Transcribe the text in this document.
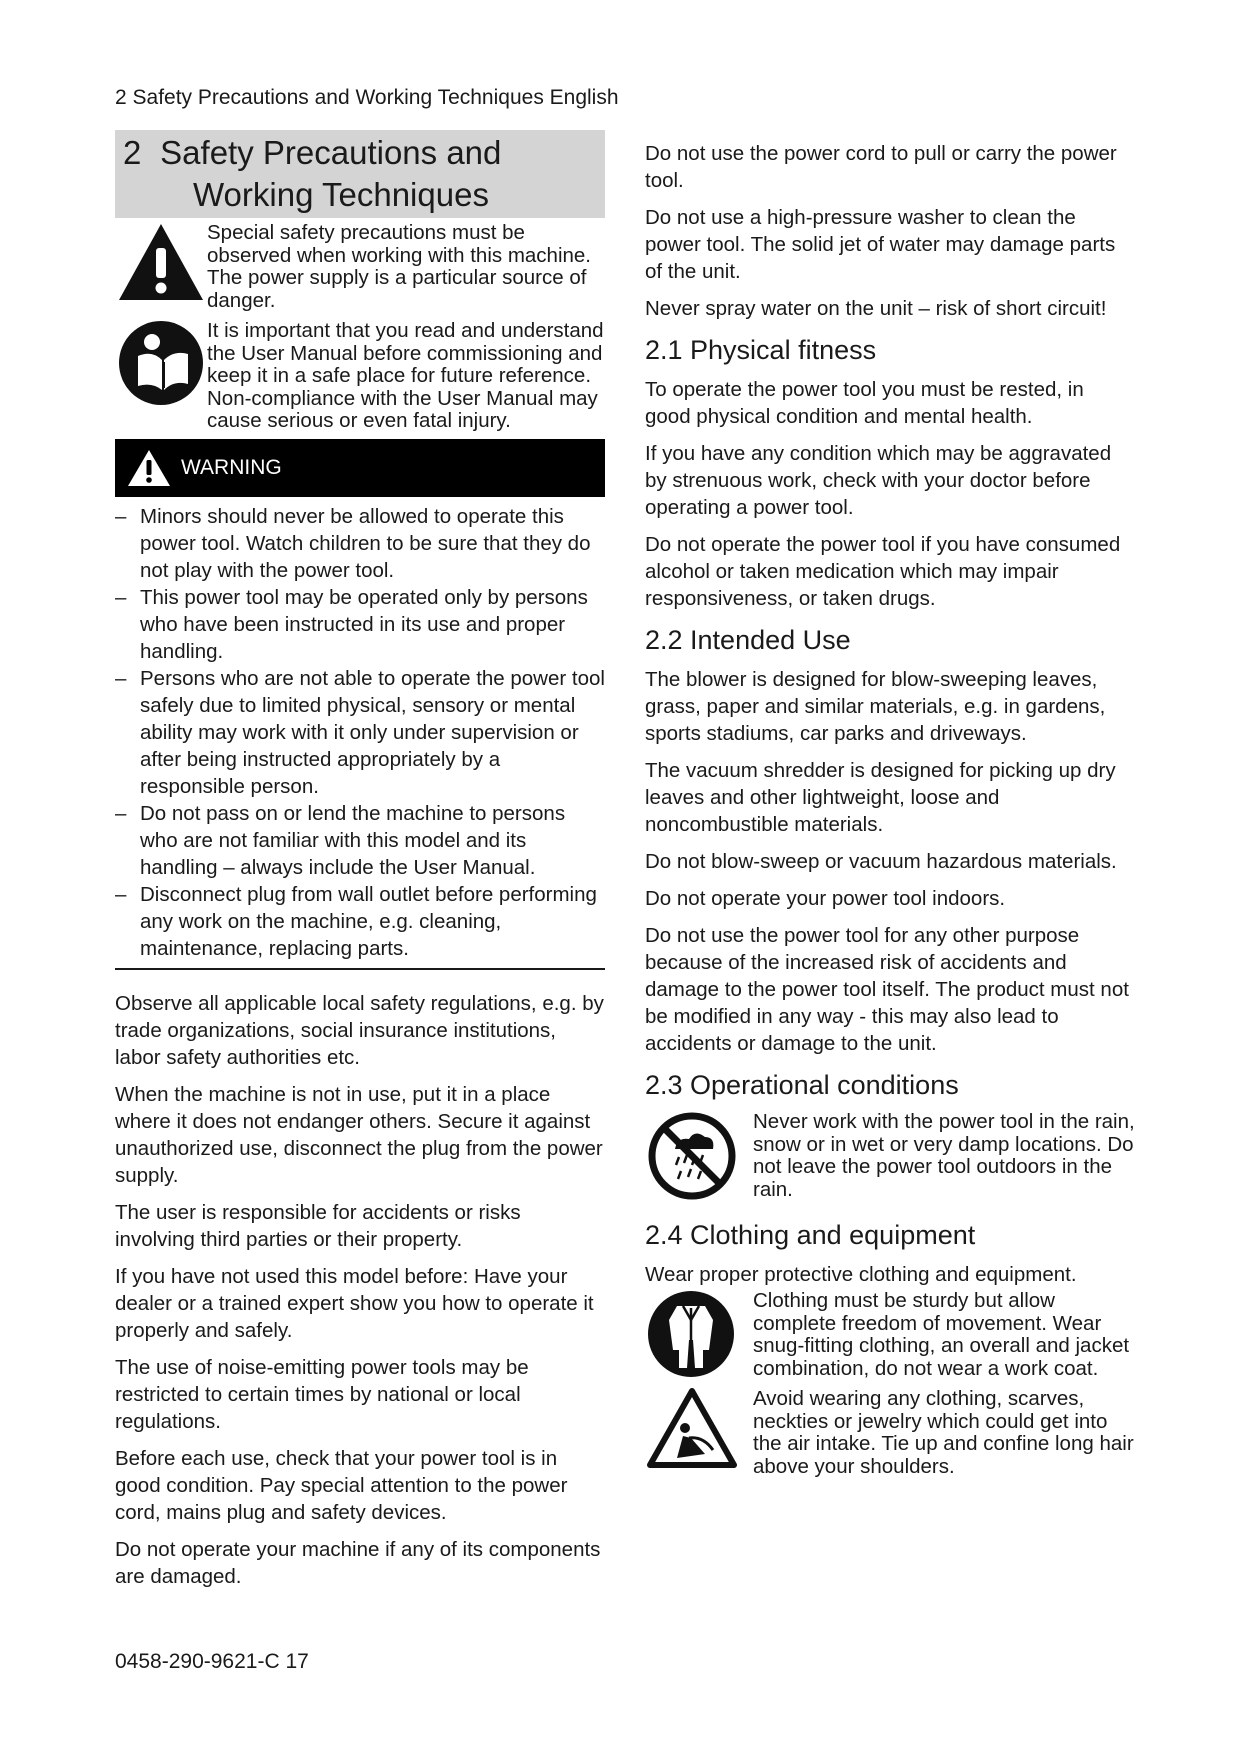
2 Safety Precautions and Working Techniques English
2 Safety Precautions and
Working Techniques
Special safety precautions must be observed when working with this machine. The power supply is a particular source of danger.
It is important that you read and understand the User Manual before commissioning and keep it in a safe place for future reference. Non-compliance with the User Manual may cause serious or even fatal injury.
WARNING
– Minors should never be allowed to operate this power tool. Watch children to be sure that they do not play with the power tool.
– This power tool may be operated only by persons who have been instructed in its use and proper handling.
– Persons who are not able to operate the power tool safely due to limited physical, sensory or mental ability may work with it only under supervision or after being instructed appropriately by a responsible person.
– Do not pass on or lend the machine to persons who are not familiar with this model and its handling – always include the User Manual.
– Disconnect plug from wall outlet before performing any work on the machine, e.g. cleaning, maintenance, replacing parts.

Observe all applicable local safety regulations, e.g. by trade organizations, social insurance institutions, labor safety authorities etc.

When the machine is not in use, put it in a place where it does not endanger others. Secure it against unauthorized use, disconnect the plug from the power supply.

The user is responsible for accidents or risks involving third parties or their property.

If you have not used this model before: Have your dealer or a trained expert show you how to operate it properly and safely.

The use of noise-emitting power tools may be restricted to certain times by national or local regulations.

Before each use, check that your power tool is in good condition. Pay special attention to the power cord, mains plug and safety devices.

Do not operate your machine if any of its components are damaged.

Do not use the power cord to pull or carry the power tool.

Do not use a high-pressure washer to clean the power tool. The solid jet of water may damage parts of the unit.

Never spray water on the unit – risk of short circuit!

2.1 Physical fitness

To operate the power tool you must be rested, in good physical condition and mental health.

If you have any condition which may be aggravated by strenuous work, check with your doctor before operating a power tool.

Do not operate the power tool if you have consumed alcohol or taken medication which may impair responsiveness, or taken drugs.

2.2 Intended Use

The blower is designed for blow-sweeping leaves, grass, paper and similar materials, e.g. in gardens, sports stadiums, car parks and driveways.

The vacuum shredder is designed for picking up dry leaves and other lightweight, loose and noncombustible materials.

Do not blow-sweep or vacuum hazardous materials.

Do not operate your power tool indoors.

Do not use the power tool for any other purpose because of the increased risk of accidents and damage to the power tool itself. The product must not be modified in any way - this may also lead to accidents or damage to the unit.

2.3 Operational conditions
Never work with the power tool in the rain, snow or in wet or very damp locations. Do not leave the power tool outdoors in the rain.
2.4 Clothing and equipment

Wear proper protective clothing and equipment.

Clothing must be sturdy but allow complete freedom of movement. Wear snug-fitting clothing, an overall and jacket combination, do not wear a work coat.
Avoid wearing any clothing, scarves, neckties or jewelry which could get into the air intake. Tie up and confine long hair above your shoulders.
0458-290-9621-C 17
